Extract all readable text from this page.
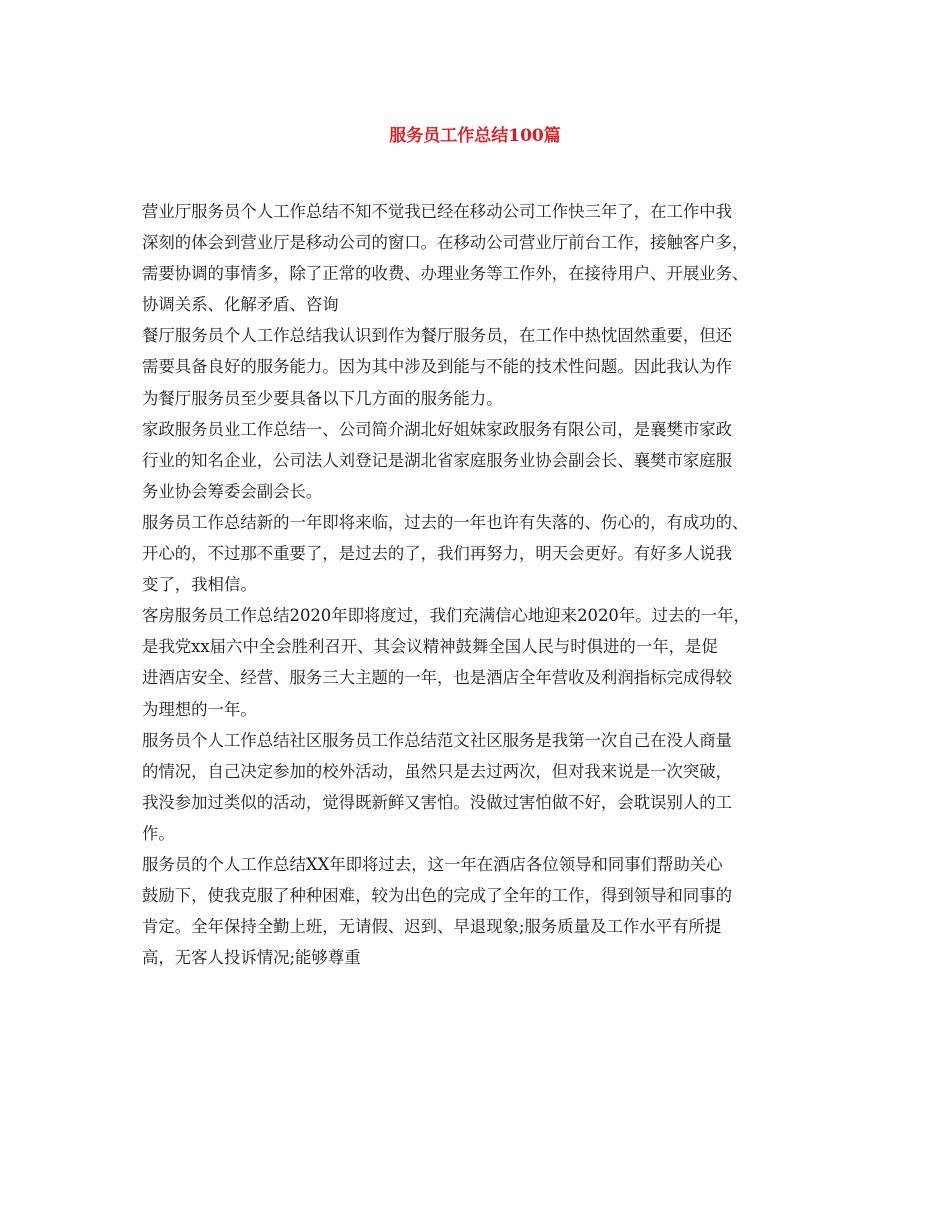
服务员工作总结100篇
营业厅服务员个人工作总结不知不觉我已经在移动公司工作快三年了，在工作中我
深刻的体会到营业厅是移动公司的窗口。在移动公司营业厅前台工作，接触客户多，
需要协调的事情多，除了正常的收费、办理业务等工作外，在接待用户、开展业务、
协调关系、化解矛盾、咨询
餐厅服务员个人工作总结我认识到作为餐厅服务员，在工作中热忱固然重要，但还
需要具备良好的服务能力。因为其中涉及到能与不能的技术性问题。因此我认为作
为餐厅服务员至少要具备以下几方面的服务能力。
家政服务员业工作总结一、公司简介湖北好姐妹家政服务有限公司，是襄樊市家政
行业的知名企业，公司法人刘登记是湖北省家庭服务业协会副会长、襄樊市家庭服
务业协会筹委会副会长。
服务员工作总结新的一年即将来临，过去的一年也许有失落的、伤心的，有成功的、
开心的，不过那不重要了，是过去的了，我们再努力，明天会更好。有好多人说我
变了，我相信。
客房服务员工作总结2020年即将度过，我们充满信心地迎来2020年。过去的一年，
是我党xx届六中全会胜利召开、其会议精神鼓舞全国人民与时俱进的一年，是促
进酒店安全、经营、服务三大主题的一年，也是酒店全年营收及利润指标完成得较
为理想的一年。
服务员个人工作总结社区服务员工作总结范文社区服务是我第一次自己在没人商量
的情况，自己决定参加的校外活动，虽然只是去过两次，但对我来说是一次突破，
我没参加过类似的活动，觉得既新鲜又害怕。没做过害怕做不好，会耽误别人的工
作。
服务员的个人工作总结XX年即将过去，这一年在酒店各位领导和同事们帮助关心
鼓励下，使我克服了种种困难，较为出色的完成了全年的工作，得到领导和同事的
肯定。全年保持全勤上班，无请假、迟到、早退现象;服务质量及工作水平有所提
高，无客人投诉情况;能够尊重
